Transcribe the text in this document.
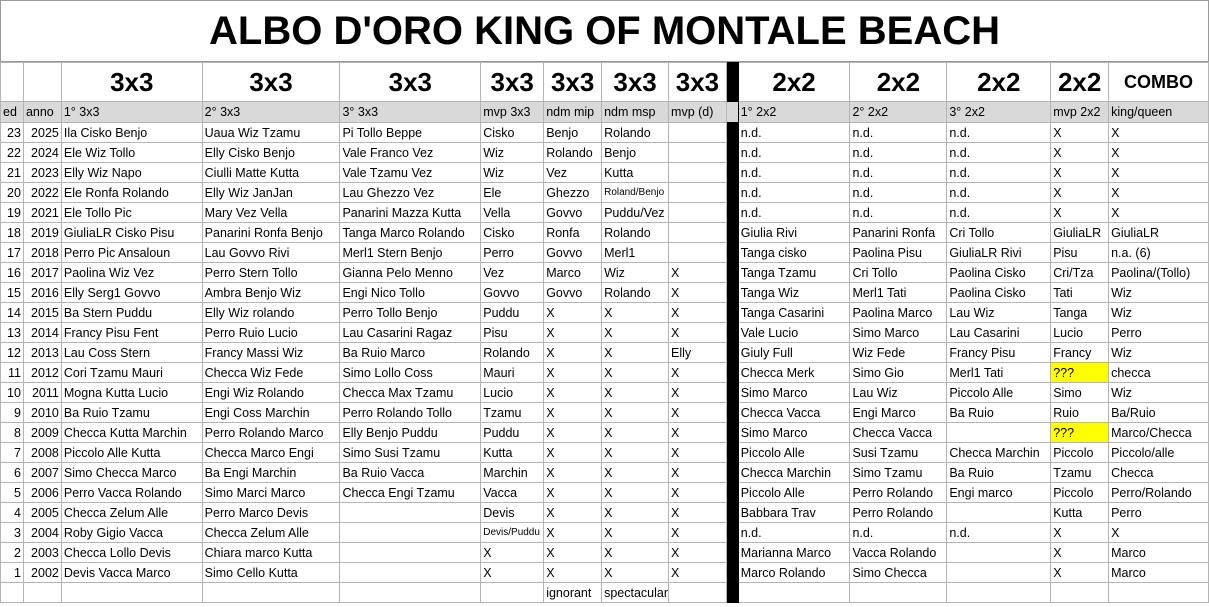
ALBO D'ORO KING OF MONTALE BEACH
		3x3	3x3	3x3	3x3	3x3	3x3	3x3		2x2	2x2	2x2	2x2	COMBO
ed	anno	1° 3x3	2° 3x3	3° 3x3	mvp 3x3	ndm mip	ndm msp	mvp (d)		1° 2x2	2° 2x2	3° 2x2	mvp 2x2	king/queen
23	2025	Ila Cisko Benjo	Uaua Wiz Tzamu	Pi Tollo Beppe	Cisko	Benjo	Rolando			n.d.	n.d.	n.d.	X	X
22	2024	Ele Wiz Tollo	Elly Cisko Benjo	Vale Franco Vez	Wiz	Rolando	Benjo			n.d.	n.d.	n.d.	X	X
21	2023	Elly Wiz Napo	Ciulli Matte Kutta	Vale Tzamu Vez	Wiz	Vez	Kutta			n.d.	n.d.	n.d.	X	X
20	2022	Ele Ronfa Rolando	Elly Wiz JanJan	Lau Ghezzo Vez	Ele	Ghezzo	Roland/Benjo			n.d.	n.d.	n.d.	X	X
19	2021	Ele Tollo Pic	Mary Vez Vella	Panarini Mazza Kutta	Vella	Govvo	Puddu/Vez			n.d.	n.d.	n.d.	X	X
18	2019	GiuliaLR Cisko Pisu	Panarini Ronfa Benjo	Tanga Marco Rolando	Cisko	Ronfa	Rolando			Giulia Rivi	Panarini Ronfa	Cri Tollo	GiuliaLR	GiuliaLR
17	2018	Perro Pic Ansaloun	Lau Govvo Rivi	Merl1 Stern Benjo	Perro	Govvo	Merl1			Tanga cisko	Paolina Pisu	GiuliaLR Rivi	Pisu	n.a. (6)
16	2017	Paolina Wiz Vez	Perro Stern Tollo	Gianna Pelo Menno	Vez	Marco	Wiz	X		Tanga Tzamu	Cri Tollo	Paolina Cisko	Cri/Tza	Paolina/(Tollo)
15	2016	Elly Serg1 Govvo	Ambra Benjo Wiz	Engi Nico Tollo	Govvo	Govvo	Rolando	X		Tanga Wiz	Merl1 Tati	Paolina Cisko	Tati	Wiz
14	2015	Ba Stern Puddu	Elly Wiz rolando	Perro Tollo Benjo	Puddu	X	X	X		Tanga Casarini	Paolina Marco	Lau Wiz	Tanga	Wiz
13	2014	Francy Pisu Fent	Perro Ruio Lucio	Lau Casarini Ragaz	Pisu	X	X	X		Vale Lucio	Simo Marco	Lau Casarini	Lucio	Perro
12	2013	Lau Coss Stern	Francy Massi Wiz	Ba Ruio Marco	Rolando	X	X	Elly		Giuly Full	Wiz Fede	Francy Pisu	Francy	Wiz
11	2012	Cori Tzamu Mauri	Checca Wiz Fede	Simo Lollo Coss	Mauri	X	X	X		Checca Merk	Simo Gio	Merl1 Tati	???	checca
10	2011	Mogna Kutta Lucio	Engi Wiz Rolando	Checca Max Tzamu	Lucio	X	X	X		Simo Marco	Lau Wiz	Piccolo Alle	Simo	Wiz
9	2010	Ba Ruio Tzamu	Engi Coss Marchin	Perro Rolando Tollo	Tzamu	X	X	X		Checca Vacca	Engi Marco	Ba Ruio	Ruio	Ba/Ruio
8	2009	Checca Kutta Marchin	Perro Rolando Marco	Elly Benjo Puddu	Puddu	X	X	X		Simo Marco	Checca Vacca		???	Marco/Checca
7	2008	Piccolo Alle Kutta	Checca Marco Engi	Simo Susi Tzamu	Kutta	X	X	X		Piccolo Alle	Susi Tzamu	Checca Marchin	Piccolo	Piccolo/alle
6	2007	Simo Checca Marco	Ba Engi Marchin	Ba Ruio Vacca	Marchin	X	X	X		Checca Marchin	Simo Tzamu	Ba Ruio	Tzamu	Checca
5	2006	Perro Vacca Rolando	Simo Marci Marco	Checca Engi Tzamu	Vacca	X	X	X		Piccolo Alle	Perro Rolando	Engi marco	Piccolo	Perro/Rolando
4	2005	Checca Zelum Alle	Perro Marco Devis		Devis	X	X	X		Babbara Trav	Perro Rolando		Kutta	Perro
3	2004	Roby Gigio Vacca	Checca Zelum Alle		Devis/Puddu	X	X	X		n.d.	n.d.	n.d.	X	X
2	2003	Checca Lollo Devis	Chiara marco Kutta		X	X	X	X		Marianna Marco	Vacca Rolando		X	Marco
1	2002	Devis Vacca Marco	Simo Cello Kutta		X	X	X	X		Marco Rolando	Simo Checca		X	Marco
						ignorant	spectacular							
